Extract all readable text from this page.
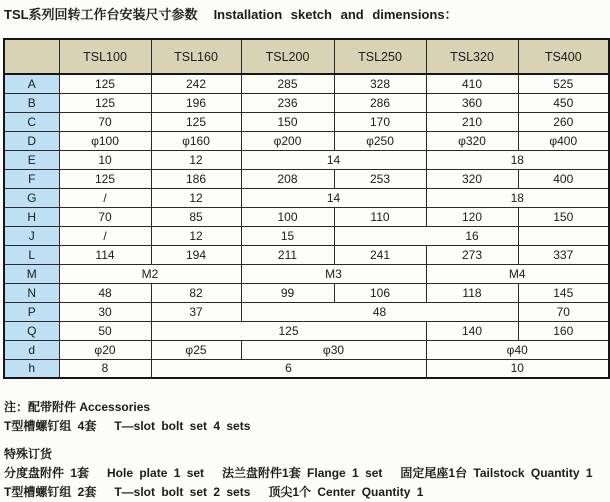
TSL系列回转工作台安装尺寸参数 Installation sketch and dimensions：
	TSL100	TSL160	TSL200	TSL250	TSL320	TS400
A	125	242	285	328	410	525
B	125	196	236	286	360	450
C	70	125	150	170	210	260
D	φ100	φ160	φ200	φ250	φ320	φ400
E	10	12	14		18	
F	125	186	208	253	320	400
G	/	12	14		18	
H	70	85	100	110	120	150
J	/	12	15	16		
L	114	194	211	241	273	337
M	M2		M3		M4	
N	48	82	99	106	118	145
P	30	37	48			70
Q	50	125			140	160
d	φ20	φ25	φ30		φ40	
h	8	6			10	
注：配带附件 Accessories
T型槽螺钉组 4套 T—slot bolt set 4 sets
特殊订货
分度盘附件 1套 Hole plate 1 set 法兰盘附件1套 Flange 1 set 固定尾座1台 Tailstock Quantity 1
T型槽螺钉组 2套 T—slot bolt set 2 sets 顶尖1个 Center Quantity 1
